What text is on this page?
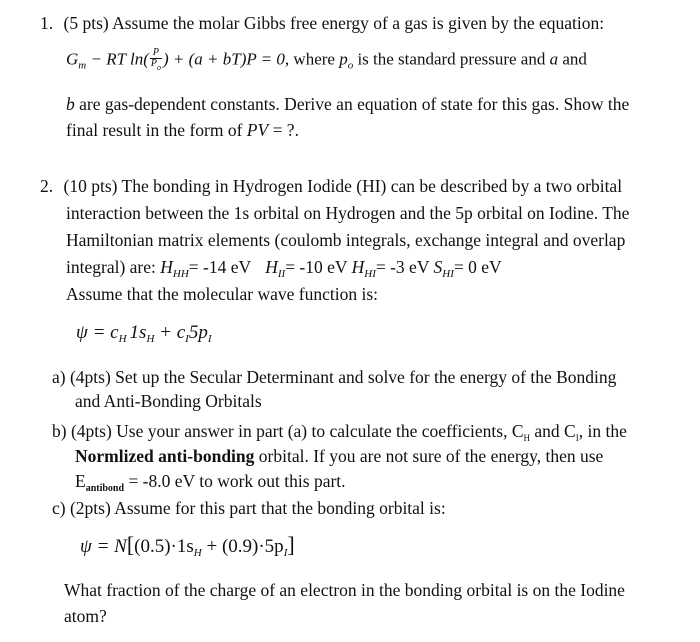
1. (5 pts) Assume the molar Gibbs free energy of a gas is given by the equation:
$G_m$ − RT $\ln( \frac{P}{P_o}$ ) + (a + bT)P = 0, where $p_o$ is the standard pressure and a and
b are gas-dependent constants. Derive an equation of state for this gas. Show the
final result in the form of PV = ?.
2. (10 pts) The bonding in Hydrogen Iodide (HI) can be described by a two orbital
interaction between the 1s orbital on Hydrogen and the 5p orbital on Iodine. The
Hamiltonian matrix elements (coulomb integrals, exchange integral and overlap
integral) are: $H_{HH}= -14$ eV $H_{II}= -10$ eV $H_{HI}= -3$ eV $S_{HI}= 0$ eV
Assume that the molecular wave function is:
$\psi = c_H$ $1s_H + c_I5p_I$
a) (4pts) Set up the Secular Determinant and solve for the energy of the Bonding
and Anti-Bonding Orbitals
b) (4pts) Use your answer in part (a) to calculate the coefficients, $C_H$ and $C_I$, in the
Normlized anti-bonding orbital. If you are not sure of the energy, then use
$E_{antibond} = -8.0$ eV to work out this part.
c) (2pts) Assume for this part that the bonding orbital is:
$\psi = N[(0.5)\cdot 1s_H + (0.9)\cdot 5p_I]$
What fraction of the charge of an electron in the bonding orbital is on the Iodine
atom?
